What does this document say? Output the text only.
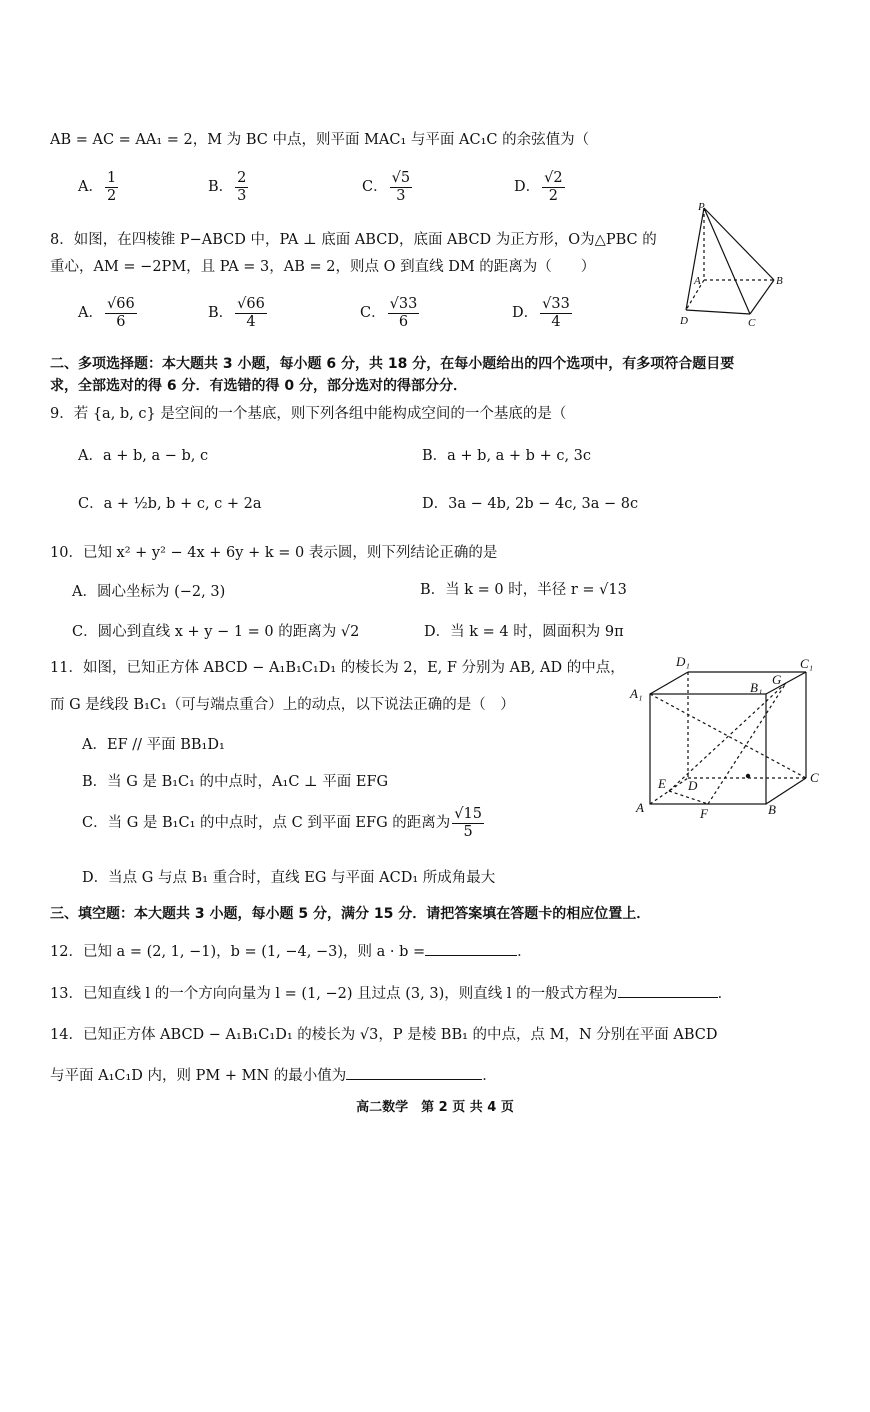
AB = AC = AA₁ = 2，M 为 BC 中点，则平面 MAC₁ 与平面 AC₁C 的余弦值为（
A． $\frac{1}{2}$	B． $\frac{2}{3}$	C． $\frac{√5}{3}$	D． $\frac{√2}{2}$
8．如图，在四棱锥 P−ABCD 中，PA ⊥ 底面 ABCD，底面 ABCD 为正方形，O为△PBC 的
重心，AM = −2PM，且 PA = 3，AB = 2，则点 O 到直线 DM 的距离为（　　）
A． $\frac{√66}{6}$	B． $\frac{√66}{4}$	C． $\frac{√33}{6}$	D． $\frac{√33}{4}$
P
A	B
C
D
二、多项选择题：本大题共 3 小题，每小题 6 分，共 18 分，在每小题给出的四个选项中，有多项符合题目要
求，全部选对的得 6 分．有选错的得 0 分，部分选对的得部分分．
9．若 {a, b, c} 是空间的一个基底，则下列各组中能构成空间的一个基底的是（
A．a + b, a − b, c	B．a + b, a + b + c, 3c
C．a + ½b, b + c, c + 2a	D．3a − 4b, 2b − 4c, 3a − 8c
10．已知 x² + y² − 4x + 6y + k = 0 表示圆，则下列结论正确的是
A．圆心坐标为 (−2, 3)	B．当 k = 0 时，半径 r = √13
C．圆心到直线 x + y − 1 = 0 的距离为 √2	D．当 k = 4 时，圆面积为 9π
11．如图，已知正方体 ABCD − A₁B₁C₁D₁ 的棱长为 2，E, F 分别为 AB, AD 的中点，
而 G 是线段 B₁C₁（可与端点重合）上的动点，以下说法正确的是（　）
A．EF // 平面 BB₁D₁
B．当 G 是 B₁C₁ 的中点时，A₁C ⊥ 平面 EFG
C．当 G 是 B₁C₁ 的中点时，点 C 到平面 EFG 的距离为 $\frac{√15}{5}$
D．当点 G 与点 B₁ 重合时，直线 EG 与平面 ACD₁ 所成角最大
D₁	C₁
A₁	B₁
G
E D
C
A	F	B
三、填空题：本大题共 3 小题，每小题 5 分，满分 15 分．请把答案填在答题卡的相应位置上．
12．已知 a = (2, 1, −1)，b = (1, −4, −3)，则 a · b =	．
13．已知直线 l 的一个方向向量为 l = (1, −2) 且过点 (3, 3)，则直线 l 的一般式方程为	．
14．已知正方体 ABCD − A₁B₁C₁D₁ 的棱长为 √3，P 是棱 BB₁ 的中点，点 M，N 分别在平面 ABCD
与平面 A₁C₁D 内，则 PM + MN 的最小值为	．
高二数学　第 2 页 共 4 页
